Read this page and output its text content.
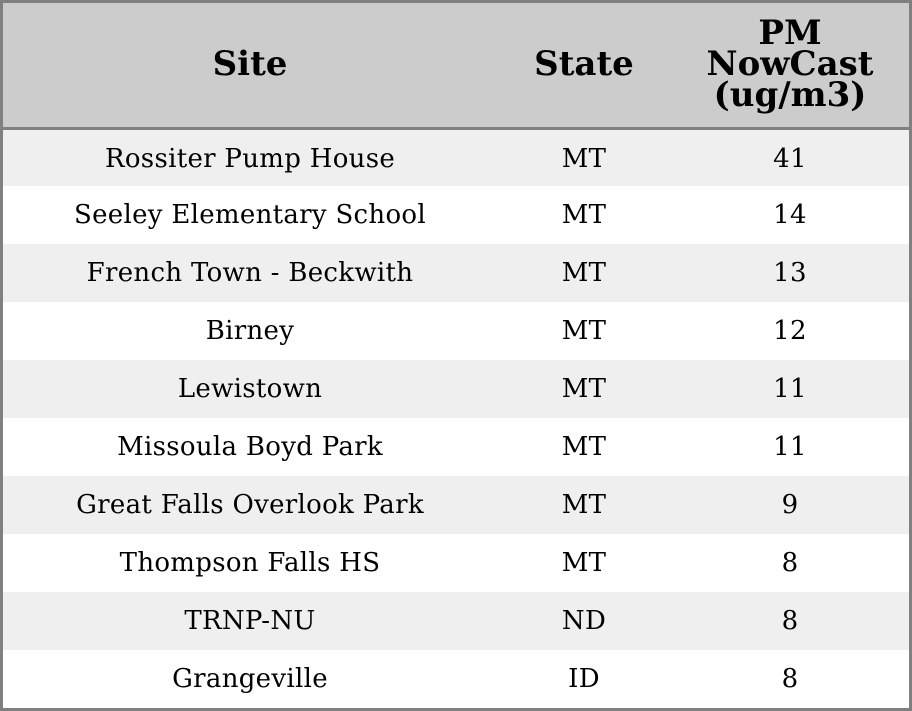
Site	State	PM
NowCast
(ug/m3)

Rossiter Pump House	MT	41
Seeley Elementary School	MT	14
French Town - Beckwith	MT	13
Birney	MT	12
Lewistown	MT	11
Missoula Boyd Park	MT	11
Great Falls Overlook Park	MT	9
Thompson Falls HS	MT	8
TRNP-NU	ND	8
Grangeville	ID	8
